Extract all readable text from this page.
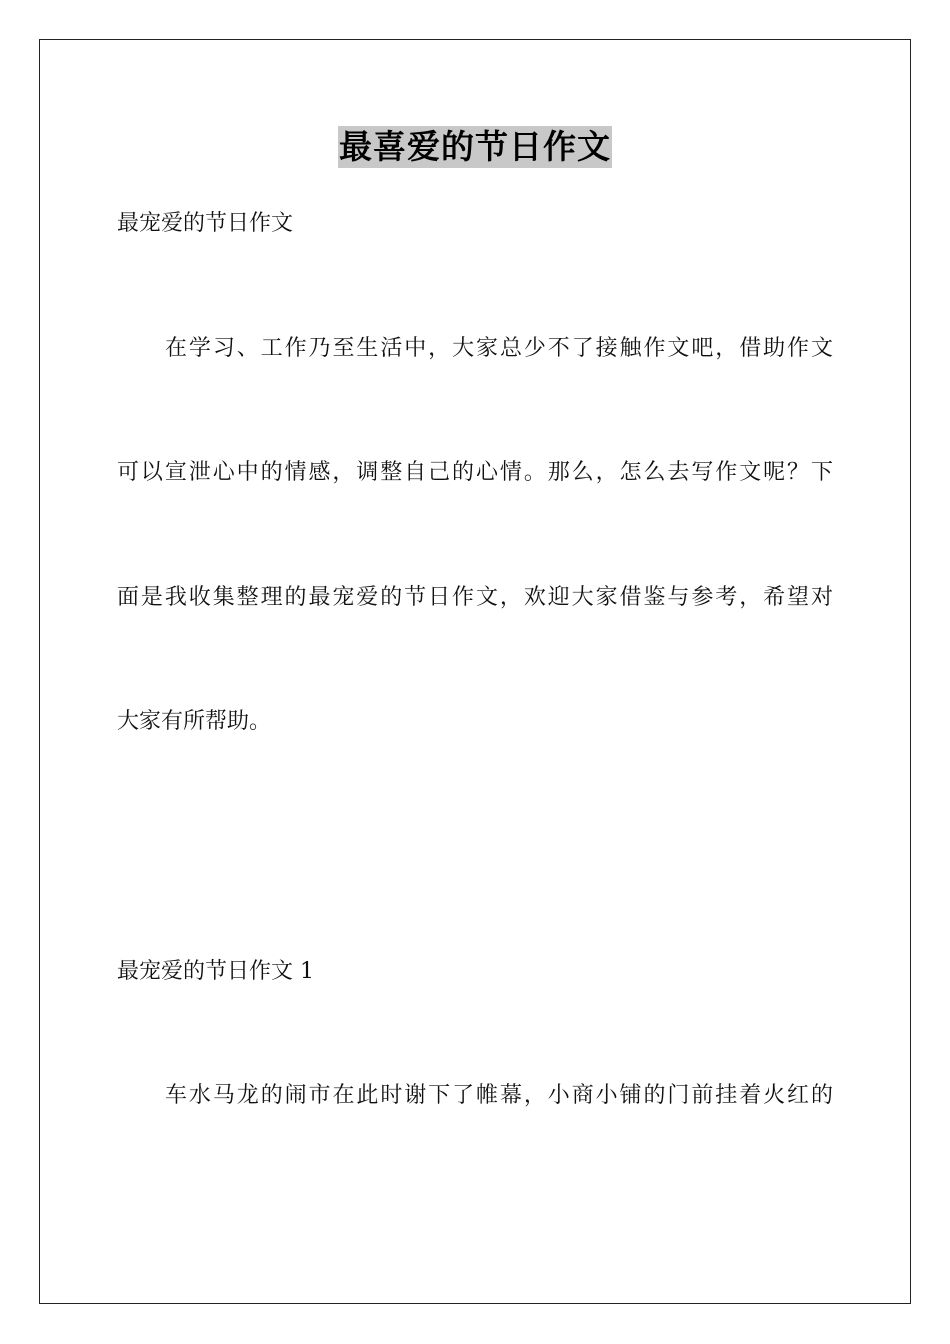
最喜爱的节日作文
最宠爱的节日作文
在学习、工作乃至生活中，大家总少不了接触作文吧，借助作文
可以宣泄心中的情感，调整自己的心情。那么，怎么去写作文呢？下
面是我收集整理的最宠爱的节日作文，欢迎大家借鉴与参考，希望对
大家有所帮助。
最宠爱的节日作文 1
车水马龙的闹市在此时谢下了帷幕，小商小铺的门前挂着火红的
